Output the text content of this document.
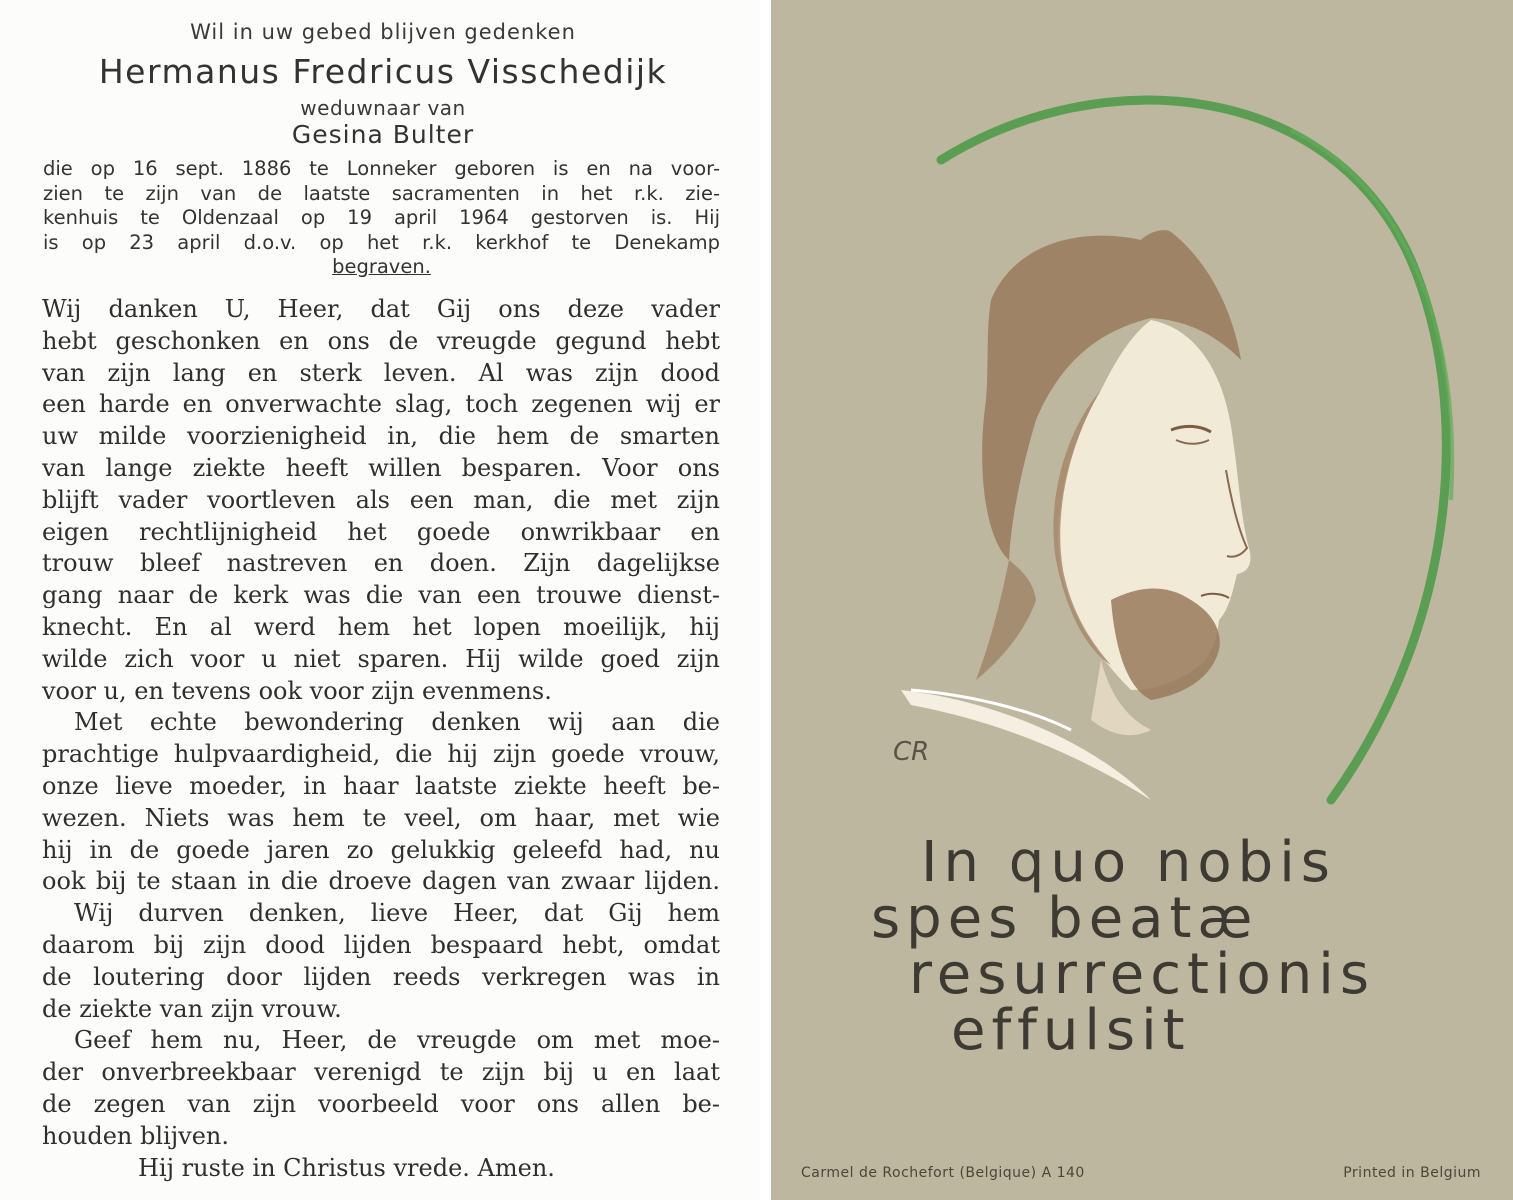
Wil in uw gebed blijven gedenken
Hermanus Fredricus Visschedijk
weduwnaar van
Gesina Bulter
die op 16 sept. 1886 te Lonneker geboren is en na voor-
zien te zijn van de laatste sacramenten in het r.k. zie-
kenhuis te Oldenzaal op 19 april 1964 gestorven is. Hij
is op 23 april d.o.v. op het r.k. kerkhof te Denekamp
begraven.
Wij danken U, Heer, dat Gij ons deze vader
hebt geschonken en ons de vreugde gegund hebt
van zijn lang en sterk leven. Al was zijn dood
een harde en onverwachte slag, toch zegenen wij er
uw milde voorzienigheid in, die hem de smarten
van lange ziekte heeft willen besparen. Voor ons
blijft vader voortleven als een man, die met zijn
eigen rechtlijnigheid het goede onwrikbaar en
trouw bleef nastreven en doen. Zijn dagelijkse
gang naar de kerk was die van een trouwe dienst-
knecht. En al werd hem het lopen moeilijk, hij
wilde zich voor u niet sparen. Hij wilde goed zijn
voor u, en tevens ook voor zijn evenmens.
Met echte bewondering denken wij aan die
prachtige hulpvaardigheid, die hij zijn goede vrouw,
onze lieve moeder, in haar laatste ziekte heeft be-
wezen. Niets was hem te veel, om haar, met wie
hij in de goede jaren zo gelukkig geleefd had, nu
ook bij te staan in die droeve dagen van zwaar lijden.
Wij durven denken, lieve Heer, dat Gij hem
daarom bij zijn dood lijden bespaard hebt, omdat
de loutering door lijden reeds verkregen was in
de ziekte van zijn vrouw.
Geef hem nu, Heer, de vreugde om met moe-
der onverbreekbaar verenigd te zijn bij u en laat
de zegen van zijn voorbeeld voor ons allen be-
houden blijven.
Hij ruste in Christus vrede. Amen.
CR
In quo nobis
spes beatæ
resurrectionis
effulsit
Carmel de Rochefort (Belgique) A 140	Printed in Belgium
